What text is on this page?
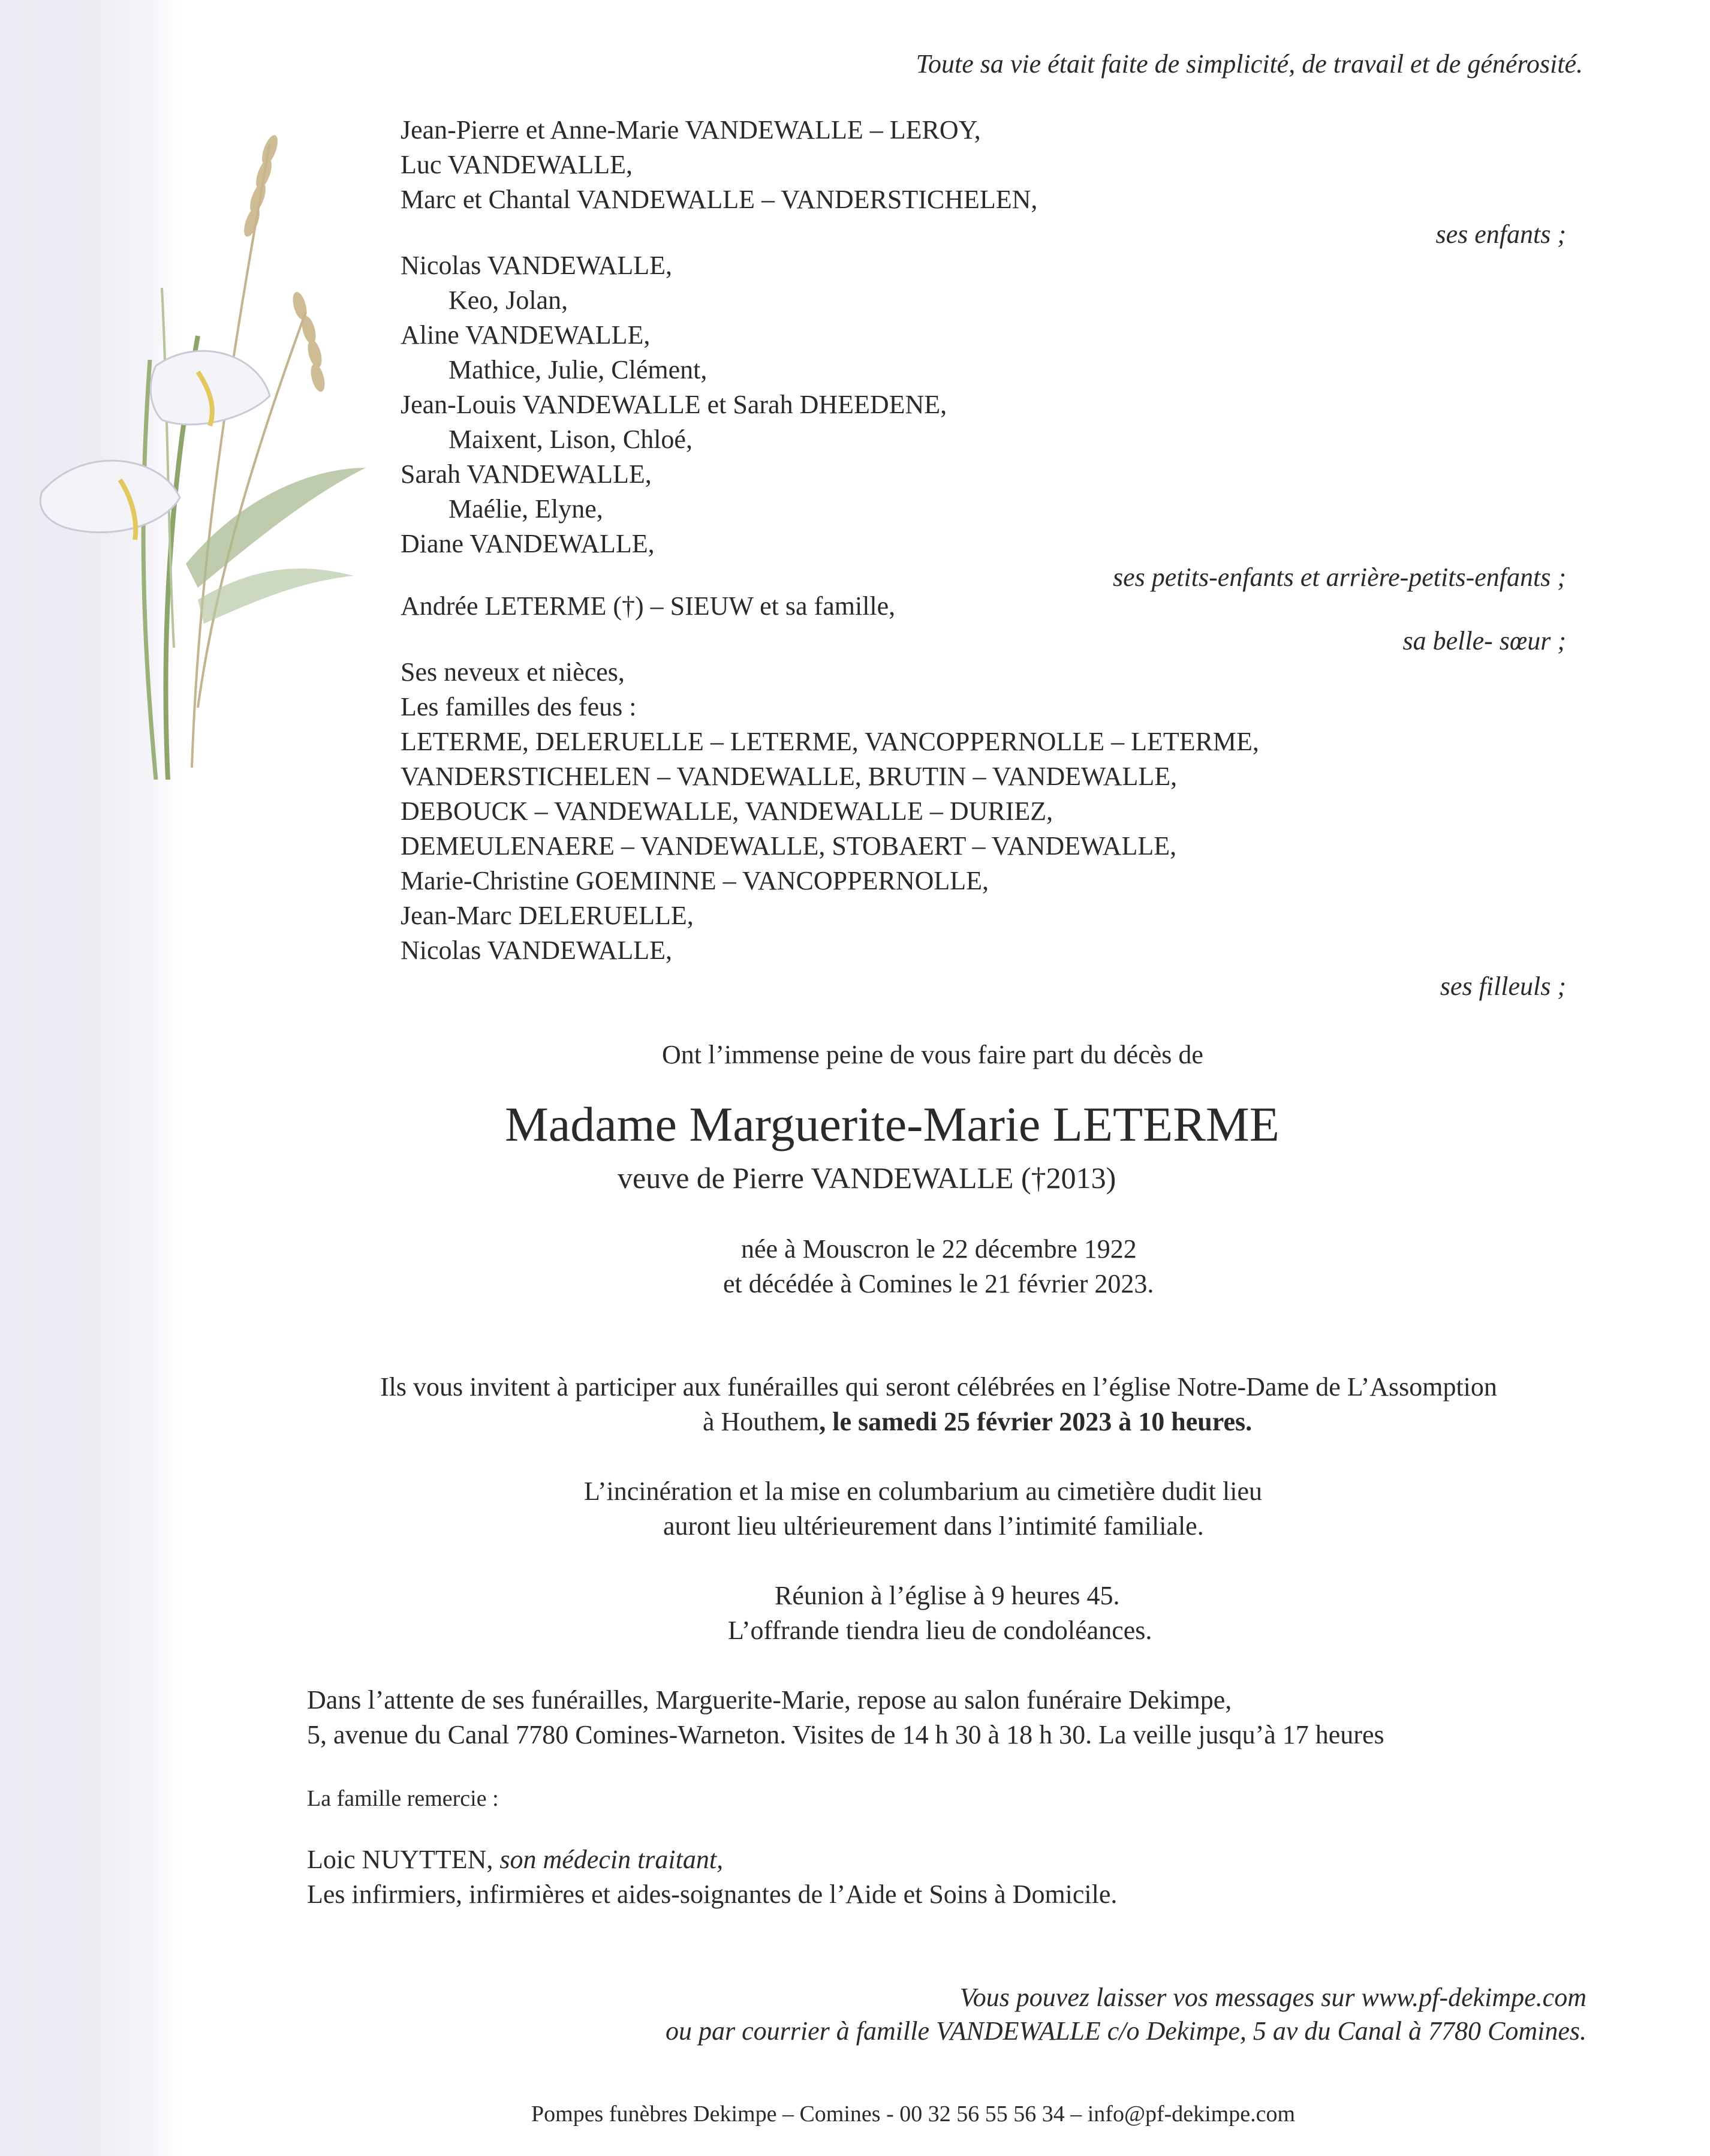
Toute sa vie était faite de simplicité, de travail et de générosité.
Jean-Pierre et Anne-Marie VANDEWALLE – LEROY,
Luc VANDEWALLE,
Marc et Chantal VANDEWALLE – VANDERSTICHELEN,
ses enfants ;
Nicolas VANDEWALLE,
Keo, Jolan,
Aline VANDEWALLE,
Mathice, Julie, Clément,
Jean-Louis VANDEWALLE et Sarah DHEEDENE,
Maixent, Lison, Chloé,
Sarah VANDEWALLE,
Maélie, Elyne,
Diane VANDEWALLE,
ses petits-enfants et arrière-petits-enfants ;
Andrée LETERME (†) – SIEUW et sa famille,
sa belle- sœur ;
Ses neveux et nièces,
Les familles des feus :
LETERME, DELERUELLE – LETERME, VANCOPPERNOLLE – LETERME,
VANDERSTICHELEN – VANDEWALLE, BRUTIN – VANDEWALLE,
DEBOUCK – VANDEWALLE, VANDEWALLE – DURIEZ,
DEMEULENAERE – VANDEWALLE, STOBAERT – VANDEWALLE,
Marie-Christine GOEMINNE – VANCOPPERNOLLE,
Jean-Marc DELERUELLE,
Nicolas VANDEWALLE,
ses filleuls ;
Ont l’immense peine de vous faire part du décès de
Madame Marguerite-Marie LETERME
veuve de Pierre VANDEWALLE (†2013)
née à Mouscron le 22 décembre 1922
et décédée à Comines le 21 février 2023.
Ils vous invitent à participer aux funérailles qui seront célébrées en l’église Notre-Dame de L’Assomption
à Houthem, le samedi 25 février 2023 à 10 heures.
L’incinération et la mise en columbarium au cimetière dudit lieu
auront lieu ultérieurement dans l’intimité familiale.
Réunion à l’église à 9 heures 45.
L’offrande tiendra lieu de condoléances.
Dans l’attente de ses funérailles, Marguerite-Marie, repose au salon funéraire Dekimpe,
5, avenue du Canal 7780 Comines-Warneton. Visites de 14 h 30 à 18 h 30. La veille jusqu’à 17 heures
La famille remercie :
Loic NUYTTEN, son médecin traitant,
Les infirmiers, infirmières et aides-soignantes de l’Aide et Soins à Domicile.
Vous pouvez laisser vos messages sur www.pf-dekimpe.com
ou par courrier à famille VANDEWALLE c/o Dekimpe, 5 av du Canal à 7780 Comines.
Pompes funèbres Dekimpe – Comines - 00 32 56 55 56 34 – info@pf-dekimpe.com
